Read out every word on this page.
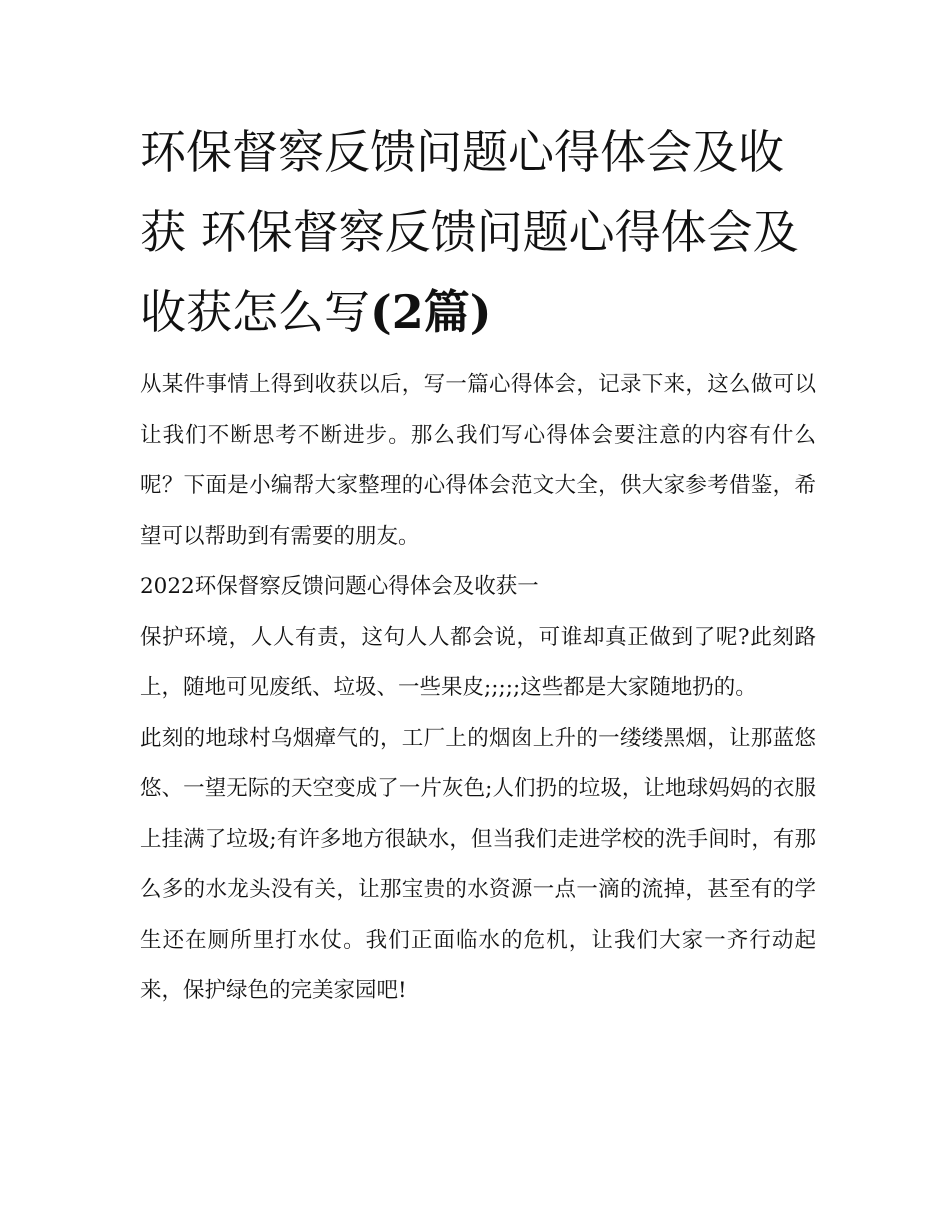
环保督察反馈问题心得体会及收获 环保督察反馈问题心得体会及收获怎么写(2篇)

从某件事情上得到收获以后，写一篇心得体会，记录下来，这么做可以让我们不断思考不断进步。那么我们写心得体会要注意的内容有什么呢？下面是小编帮大家整理的心得体会范文大全，供大家参考借鉴，希望可以帮助到有需要的朋友。

2022环保督察反馈问题心得体会及收获一

保护环境，人人有责，这句人人都会说，可谁却真正做到了呢?此刻路上，随地可见废纸、垃圾、一些果皮;;;;;这些都是大家随地扔的。

此刻的地球村乌烟瘴气的，工厂上的烟囱上升的一缕缕黑烟，让那蓝悠悠、一望无际的天空变成了一片灰色;人们扔的垃圾，让地球妈妈的衣服上挂满了垃圾;有许多地方很缺水，但当我们走进学校的洗手间时，有那么多的水龙头没有关，让那宝贵的水资源一点一滴的流掉，甚至有的学生还在厕所里打水仗。我们正面临水的危机，让我们大家一齐行动起来，保护绿色的完美家园吧!
